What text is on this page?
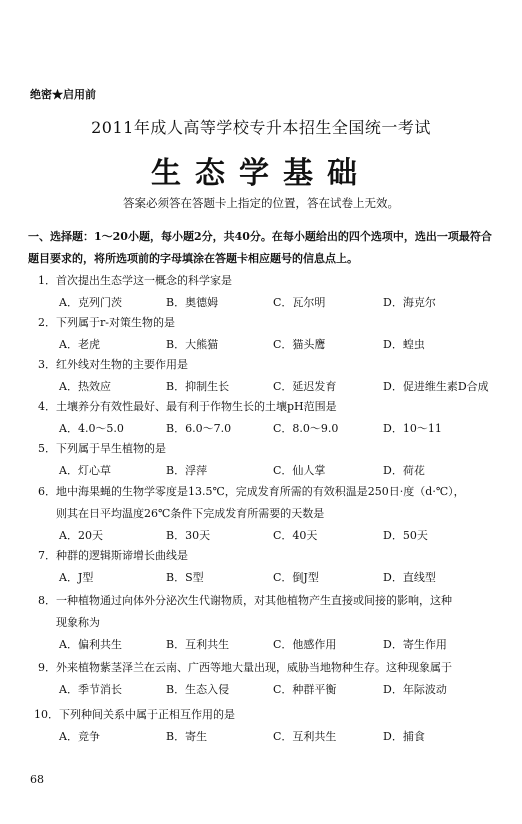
绝密★启用前
2011年成人高等学校专升本招生全国统一考试
生态学基础
答案必须答在答题卡上指定的位置，答在试卷上无效。
一、选择题：1～20小题，每小题2分，共40分。在每小题给出的四个选项中，选出一项最符合题目要求的，将所选项前的字母填涂在答题卡相应题号的信息点上。
1．首次提出生态学这一概念的科学家是
A．克列门茨	B．奥德姆	C．瓦尔明	D．海克尔
2．下列属于r-对策生物的是
A．老虎	B．大熊猫	C．猫头鹰	D．蝗虫
3．红外线对生物的主要作用是
A．热效应	B．抑制生长	C．延迟发育	D．促进维生素D合成
4．土壤养分有效性最好、最有利于作物生长的土壤pH范围是
A．4.0～5.0	B．6.0～7.0	C．8.0～9.0	D．10～11
5．下列属于旱生植物的是
A．灯心草	B．浮萍	C．仙人掌	D．荷花
6．地中海果蝇的生物学零度是13.5℃，完成发育所需的有效积温是250日·度（d·℃），
则其在日平均温度26℃条件下完成发育所需要的天数是
A．20天	B．30天	C．40天	D．50天
7．种群的逻辑斯谛增长曲线是
A．J型	B．S型	C．倒J型	D．直线型
8．一种植物通过向体外分泌次生代谢物质，对其他植物产生直接或间接的影响，这种
现象称为
A．偏利共生	B．互利共生	C．他感作用	D．寄生作用
9．外来植物紫茎泽兰在云南、广西等地大量出现，威胁当地物种生存。这种现象属于
A．季节消长	B．生态入侵	C．种群平衡	D．年际波动
10．下列种间关系中属于正相互作用的是
A．竞争	B．寄生	C．互利共生	D．捕食
68
